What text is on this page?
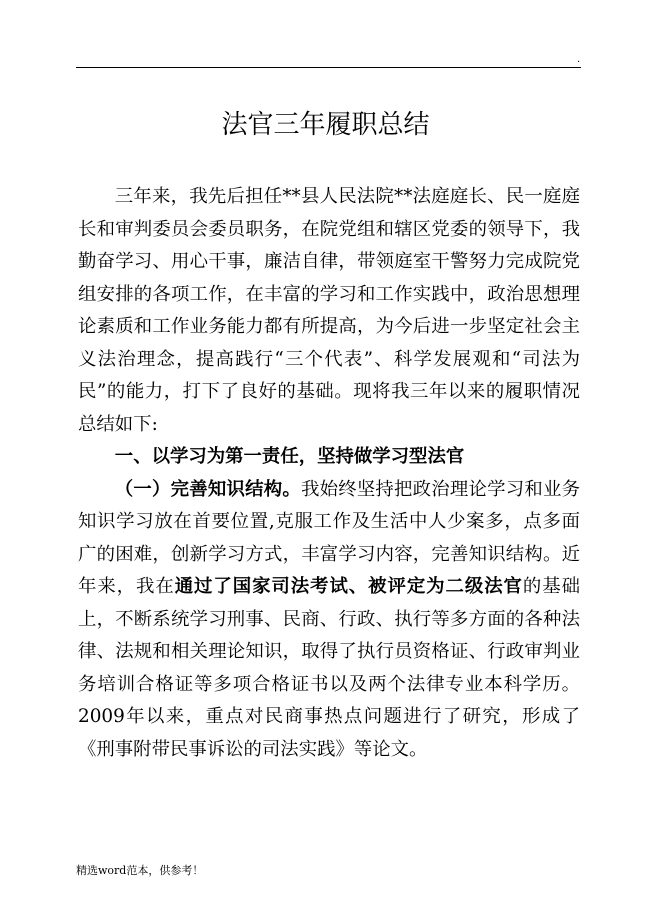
.
法官三年履职总结

三年来，我先后担任**县人民法院**法庭庭长、民一庭庭长和审判委员会委员职务，在院党组和辖区党委的领导下，我勤奋学习、用心干事，廉洁自律，带领庭室干警努力完成院党组安排的各项工作，在丰富的学习和工作实践中，政治思想理论素质和工作业务能力都有所提高，为今后进一步坚定社会主义法治理念，提高践行“三个代表”、科学发展观和“司法为民”的能力，打下了良好的基础。现将我三年以来的履职情况总结如下:

一、以学习为第一责任，坚持做学习型法官

（一）完善知识结构。我始终坚持把政治理论学习和业务知识学习放在首要位置,克服工作及生活中人少案多，点多面广的困难，创新学习方式，丰富学习内容，完善知识结构。近年来，我在通过了国家司法考试、被评定为二级法官的基础上，不断系统学习刑事、民商、行政、执行等多方面的各种法律、法规和相关理论知识，取得了执行员资格证、行政审判业务培训合格证等多项合格证书以及两个法律专业本科学历。2009年以来，重点对民商事热点问题进行了研究，形成了《刑事附带民事诉讼的司法实践》等论文。

精选word范本，供参考！
